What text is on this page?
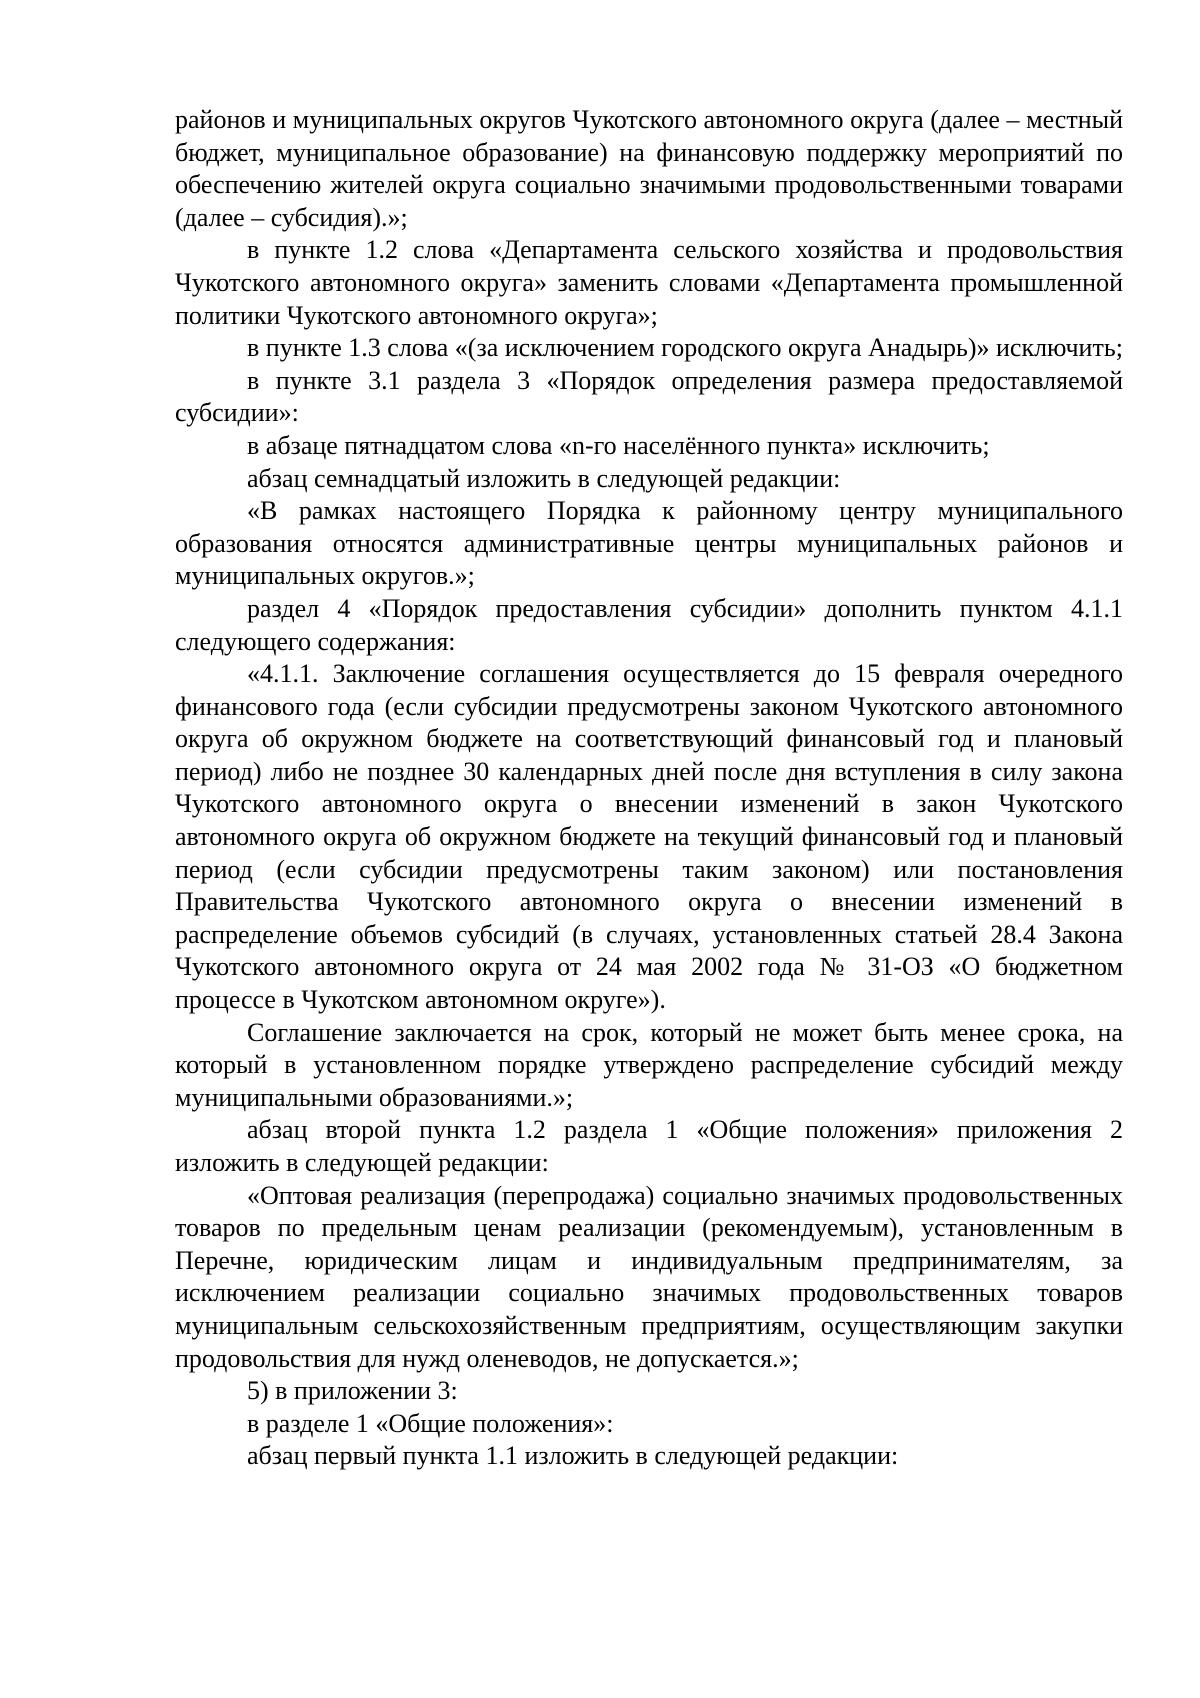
районов и муниципальных округов Чукотского автономного округа (далее – местный бюджет, муниципальное образование) на финансовую поддержку мероприятий по обеспечению жителей округа социально значимыми продовольственными товарами (далее – субсидия).»;

в пункте 1.2 слова «Департамента сельского хозяйства и продовольствия Чукотского автономного округа» заменить словами «Департамента промышленной политики Чукотского автономного округа»;

в пункте 1.3 слова «(за исключением городского округа Анадырь)» исключить;

в пункте 3.1 раздела 3 «Порядок определения размера предоставляемой субсидии»:

в абзаце пятнадцатом слова «n-го населённого пункта» исключить;

абзац семнадцатый изложить в следующей редакции:

«В рамках настоящего Порядка к районному центру муниципального образования относятся административные центры муниципальных районов и муниципальных округов.»;

раздел 4 «Порядок предоставления субсидии» дополнить пунктом 4.1.1 следующего содержания:

«4.1.1. Заключение соглашения осуществляется до 15 февраля очередного финансового года (если субсидии предусмотрены законом Чукотского автономного округа об окружном бюджете на соответствующий финансовый год и плановый период) либо не позднее 30 календарных дней после дня вступления в силу закона Чукотского автономного округа о внесении изменений в закон Чукотского автономного округа об окружном бюджете на текущий финансовый год и плановый период (если субсидии предусмотрены таким законом) или постановления Правительства Чукотского автономного округа о внесении изменений в распределение объемов субсидий (в случаях, установленных статьей 28.4 Закона Чукотского автономного округа от 24 мая 2002 года № 31-ОЗ «О бюджетном процессе в Чукотском автономном округе»).

Соглашение заключается на срок, который не может быть менее срока, на который в установленном порядке утверждено распределение субсидий между муниципальными образованиями.»;

абзац второй пункта 1.2 раздела 1 «Общие положения» приложения 2 изложить в следующей редакции:

«Оптовая реализация (перепродажа) социально значимых продовольственных товаров по предельным ценам реализации (рекомендуемым), установленным в Перечне, юридическим лицам и индивидуальным предпринимателям, за исключением реализации социально значимых продовольственных товаров муниципальным сельскохозяйственным предприятиям, осуществляющим закупки продовольствия для нужд оленеводов, не допускается.»;

5) в приложении 3:

в разделе 1 «Общие положения»:

абзац первый пункта 1.1 изложить в следующей редакции:
